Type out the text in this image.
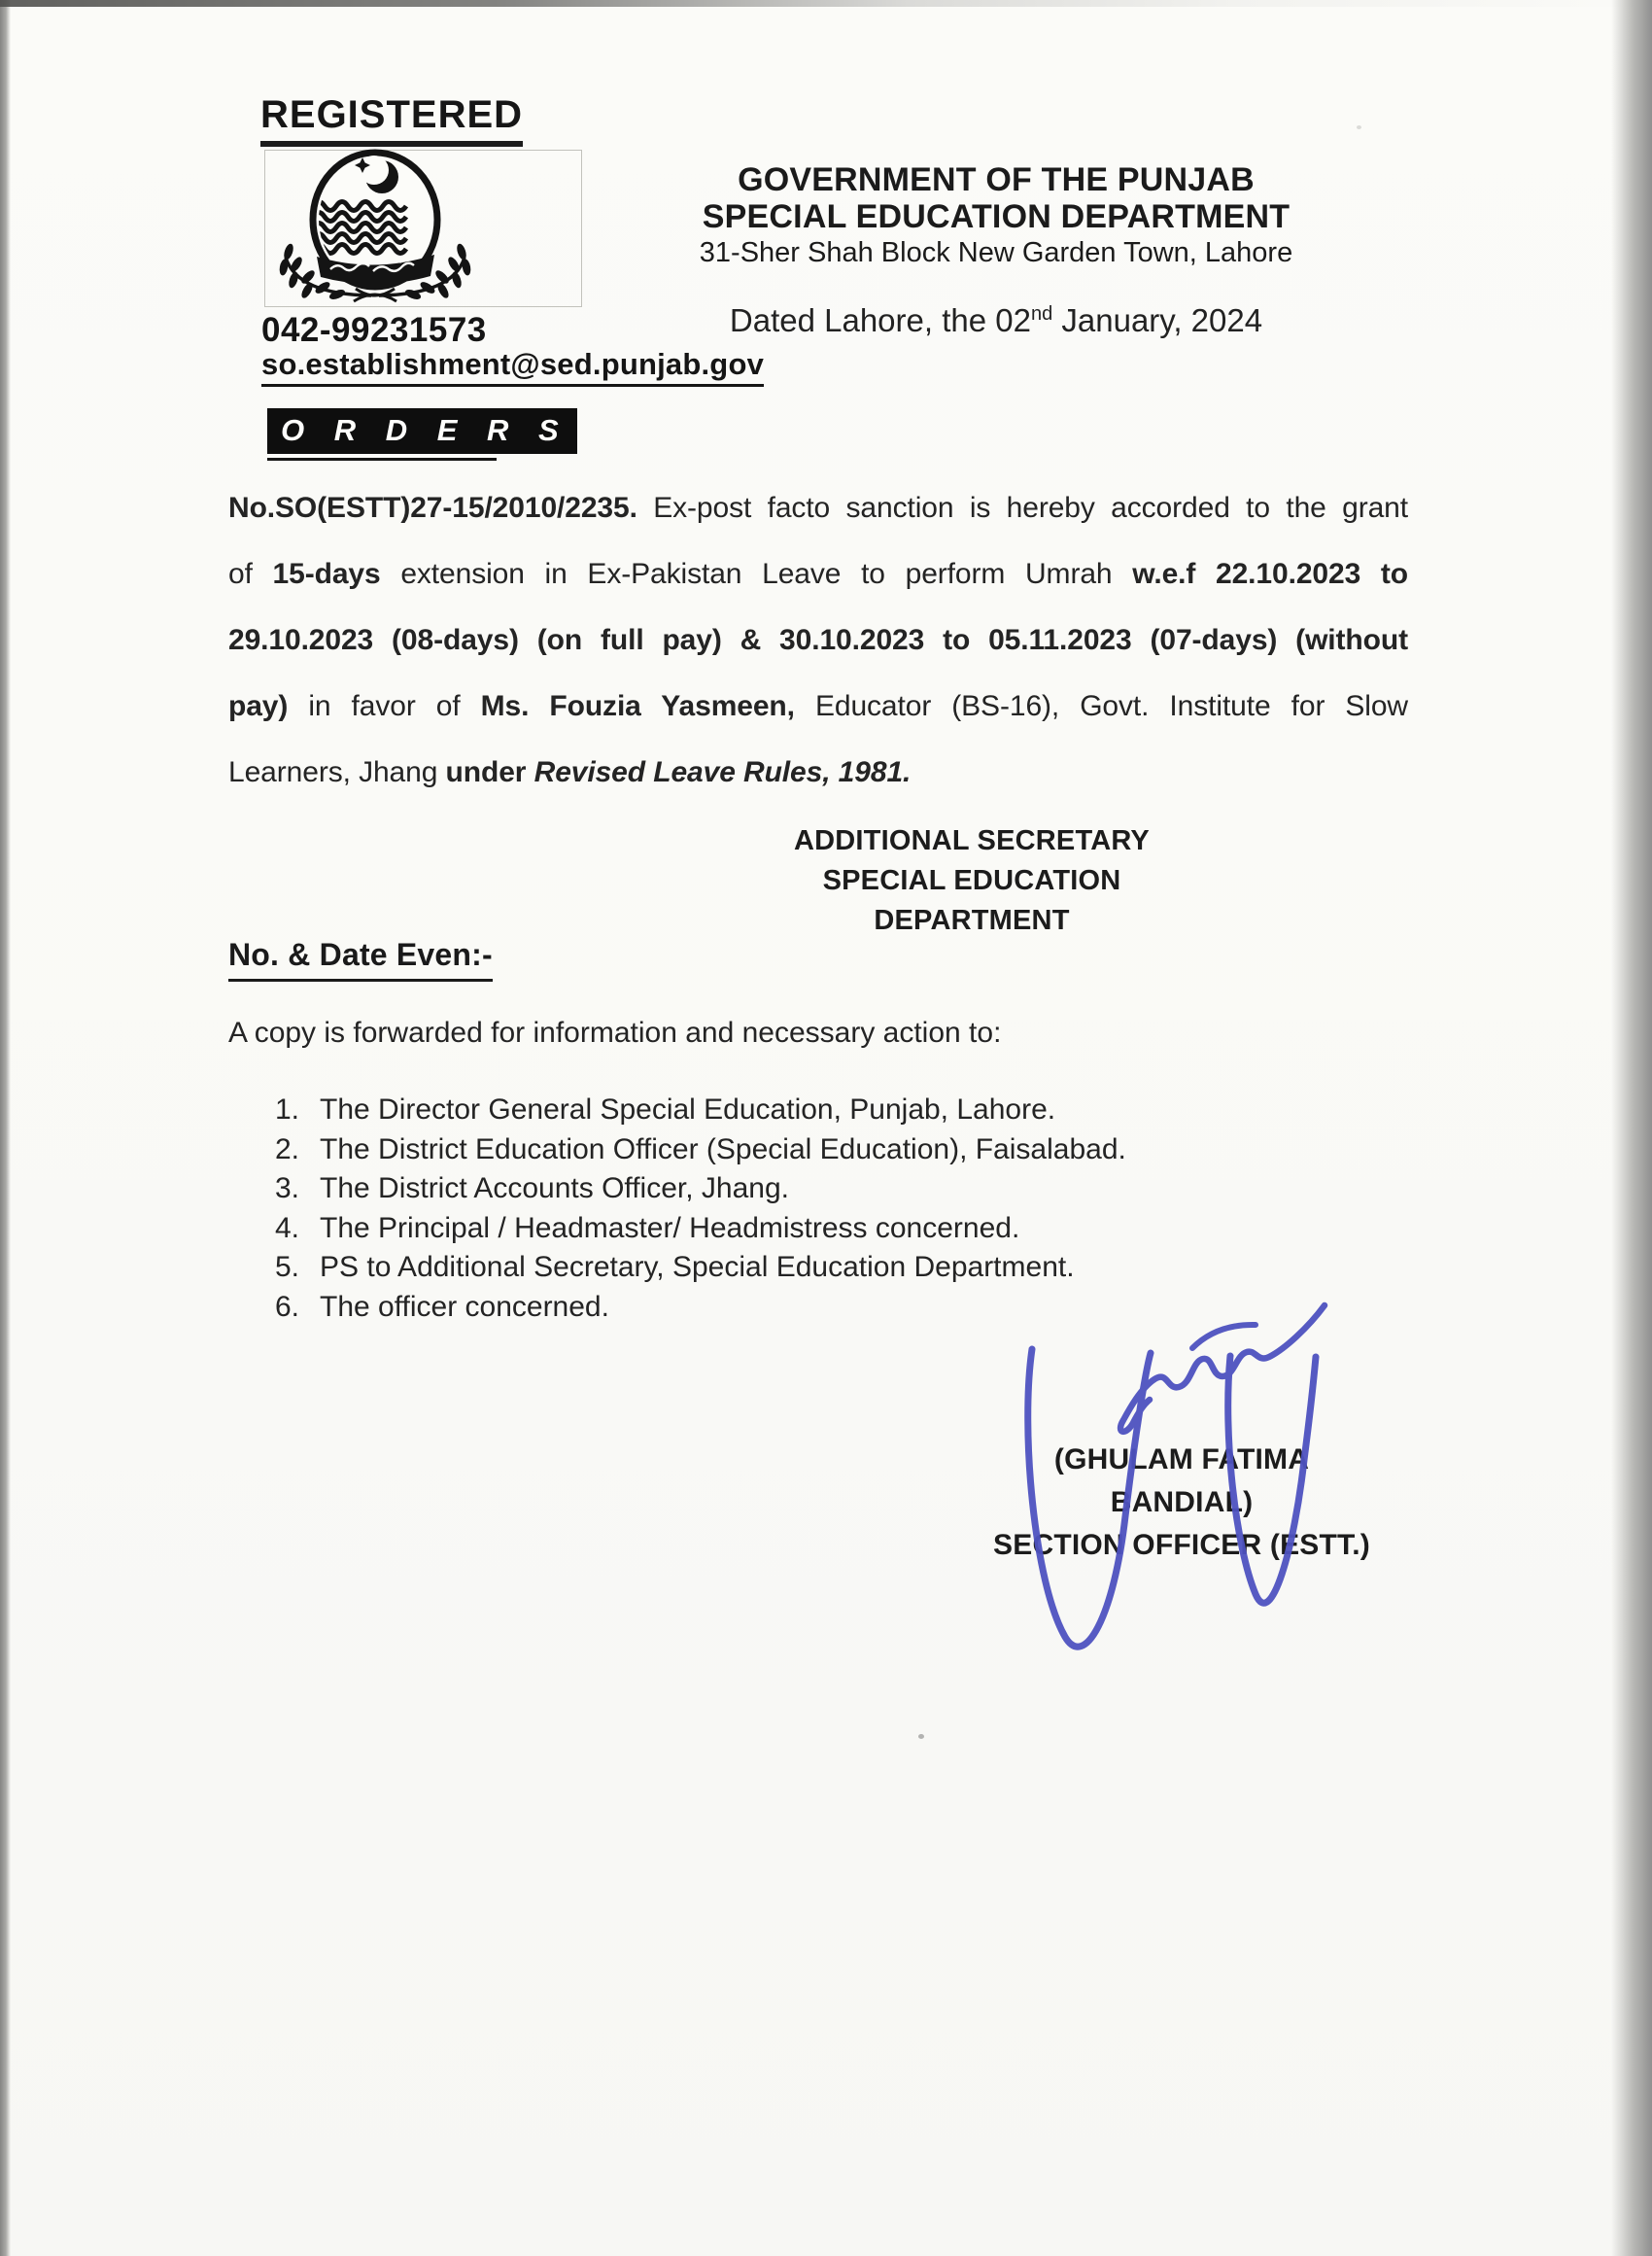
REGISTERED
042-99231573
so.establishment@sed.punjab.gov
GOVERNMENT OF THE PUNJAB
SPECIAL EDUCATION DEPARTMENT
31-Sher Shah Block New Garden Town, Lahore
Dated Lahore, the 02nd January, 2024
O R D E R S
No.SO(ESTT)27-15/2010/2235. Ex-post facto sanction is hereby accorded to the grant
of 15-days extension in Ex-Pakistan Leave to perform Umrah w.e.f 22.10.2023 to
29.10.2023 (08-days) (on full pay) & 30.10.2023 to 05.11.2023 (07-days) (without
pay) in favor of Ms. Fouzia Yasmeen, Educator (BS-16), Govt. Institute for Slow
Learners, Jhang under Revised Leave Rules, 1981.
ADDITIONAL SECRETARY
SPECIAL EDUCATION
DEPARTMENT
No. & Date Even:-
A copy is forwarded for information and necessary action to:
1. The Director General Special Education, Punjab, Lahore.
2. The District Education Officer (Special Education), Faisalabad.
3. The District Accounts Officer, Jhang.
4. The Principal / Headmaster/ Headmistress concerned.
5. PS to Additional Secretary, Special Education Department.
6. The officer concerned.
(GHULAM FATIMA BANDIAL)
SECTION OFFICER (ESTT.)
